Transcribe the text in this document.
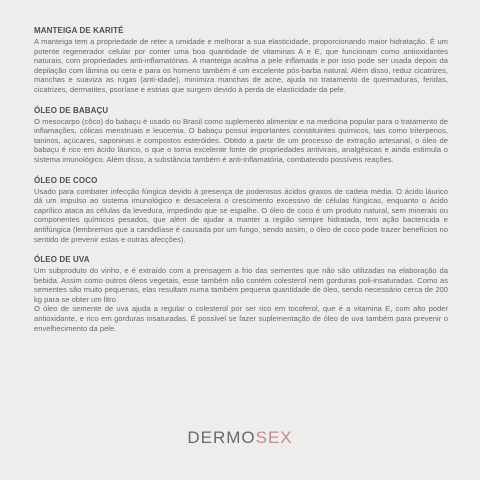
MANTEIGA DE KARITÉ

A manteiga tem a propriedade de reter a umidade e melhorar a sua elasticidade, proporcionando maior hidratação. É um potente regenerador celular por conter uma boa quantidade de vitaminas A e E, que funcionam como antioxidantes naturais, com propriedades anti-inflamatórias. A manteiga acalma a pele inflamada e por isso pode ser usada depois da depilação com lâmina ou cera e para os homens também é um excelente pós-barba natural. Além disso, reduz cicatrizes, manchas e suaviza as rugas (anti-idade), minimiza manchas de acne, ajuda no tratamento de queimaduras, feridas, cicatrizes, dermatites, psoríase e estrias que surgem devido à perda de elasticidade da pele.

ÓLEO DE BABAÇU

O mesocarpo (côco) do babaçu é usado no Brasil como suplemento alimentar e na medicina popular para o tratamento de inflamações, cólicas menstruais e leucemia. O babaçu possui importantes constituintes químicos, tais como triterpenos, taninos, açúcares, saponinas e compostos esteróides. Obtido a partir de um processo de extração artesanal, o óleo de babaçu é rico em ácido láurico, o que o torna excelente fonte de propriedades antivirais, analgésicas e ainda estimula o sistema imunológico. Além disso, a substância também é anti-inflamatória, combatendo possíveis reações.

ÓLEO DE COCO

Usado para combater infecção fúngica devido à presença de poderosos ácidos graxos de cadeia média. O ácido láurico dá um impulso ao sistema imunológico e desacelera o crescimento excessivo de células fúngicas, enquanto o ácido caprílico ataca as células da levedura, impedindo que se espalhe. O óleo de coco é um produto natural, sem minerais ou componentes químicos pesados, que além de ajudar a manter a região sempre hidratada, tem ação bactericida e antifúngica (lembremos que a candidíase é causada por um fungo, sendo assim, o óleo de coco pode trazer benefícios no sentido de prevenir estas e outras afecções).

ÓLEO DE UVA

Um subproduto do vinho, e é extraído com a prensagem a frio das sementes que não são utilizadas na elaboração da bebida. Assim como outros óleos vegetais, esse também não contém colesterol nem gorduras poli-insaturadas. Como as sementes são muito pequenas, elas resultam numa também pequena quantidade de óleo, sendo necessário cerca de 200 kg para se obter um litro.
O óleo de semente de uva ajuda a regular o colesterol por ser rico em tocoferol, que é a vitamina E, com alto poder antioxidante, e rico em gorduras insaturadas. É possível se fazer suplementação de óleo de uva também para prevenir o envelhecimento da pele.

DERMOSEX
